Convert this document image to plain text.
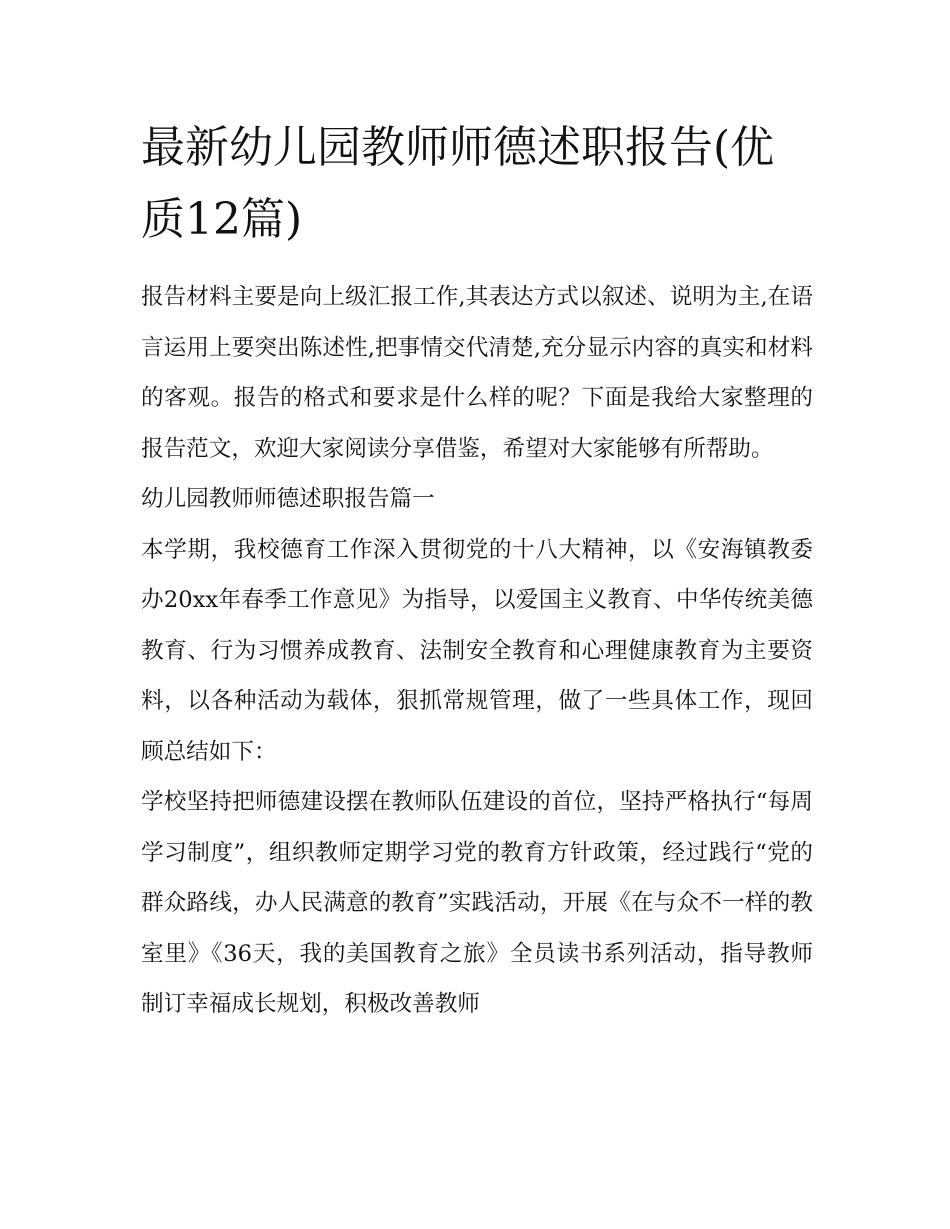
最新幼儿园教师师德述职报告(优质12篇)

报告材料主要是向上级汇报工作,其表达方式以叙述、说明为主,在语言运用上要突出陈述性,把事情交代清楚,充分显示内容的真实和材料的客观。报告的格式和要求是什么样的呢？下面是我给大家整理的报告范文，欢迎大家阅读分享借鉴，希望对大家能够有所帮助。

幼儿园教师师德述职报告篇一

本学期，我校德育工作深入贯彻党的十八大精神，以《安海镇教委办20xx年春季工作意见》为指导，以爱国主义教育、中华传统美德教育、行为习惯养成教育、法制安全教育和心理健康教育为主要资料，以各种活动为载体，狠抓常规管理，做了一些具体工作，现回顾总结如下：

学校坚持把师德建设摆在教师队伍建设的首位，坚持严格执行“每周学习制度”，组织教师定期学习党的教育方针政策，经过践行“党的群众路线，办人民满意的教育”实践活动，开展《在与众不一样的教室里》《36天，我的美国教育之旅》全员读书系列活动，指导教师制订幸福成长规划，积极改善教师
